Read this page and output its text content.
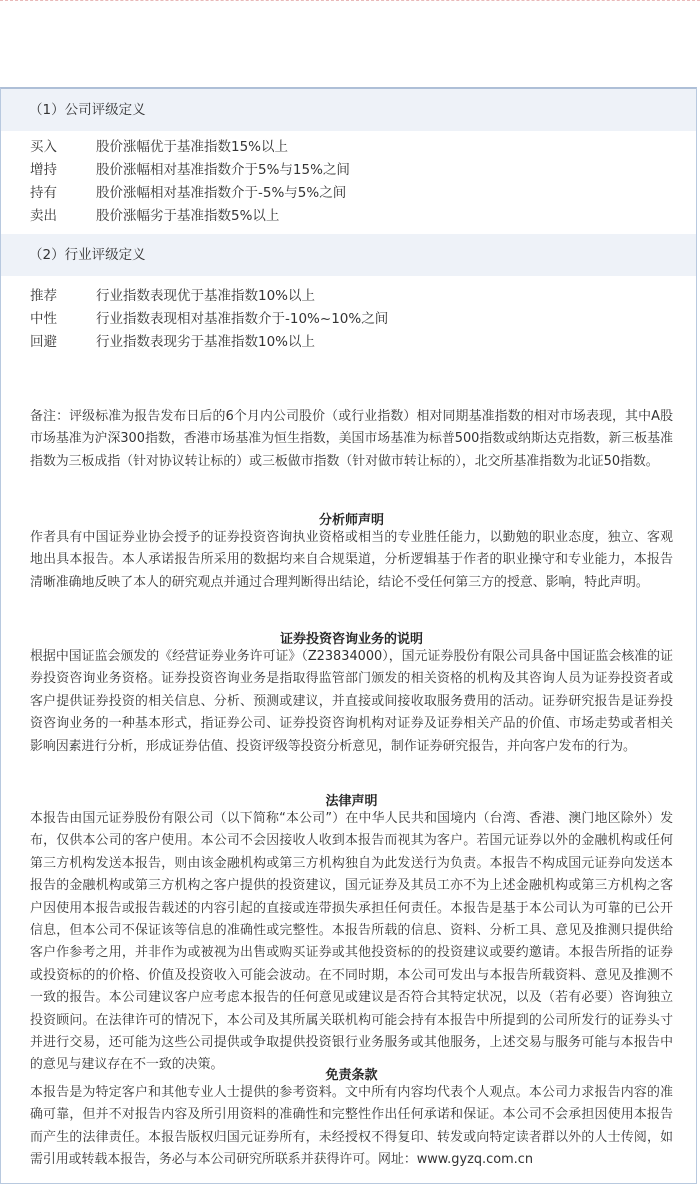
（1）公司评级定义
买入	股价涨幅优于基准指数15%以上
增持	股价涨幅相对基准指数介于5%与15%之间
持有	股价涨幅相对基准指数介于-5%与5%之间
卖出	股价涨幅劣于基准指数5%以上
（2）行业评级定义
推荐	行业指数表现优于基准指数10%以上
中性	行业指数表现相对基准指数介于-10%~10%之间
回避	行业指数表现劣于基准指数10%以上
备注：评级标准为报告发布日后的6个月内公司股价（或行业指数）相对同期基准指数的相对市场表现，其中A股市场基准为沪深300指数，香港市场基准为恒生指数，美国市场基准为标普500指数或纳斯达克指数，新三板基准指数为三板成指（针对协议转让标的）或三板做市指数（针对做市转让标的），北交所基准指数为北证50指数。
分析师声明
作者具有中国证券业协会授予的证券投资咨询执业资格或相当的专业胜任能力，以勤勉的职业态度，独立、客观地出具本报告。本人承诺报告所采用的数据均来自合规渠道，分析逻辑基于作者的职业操守和专业能力，本报告清晰准确地反映了本人的研究观点并通过合理判断得出结论，结论不受任何第三方的授意、影响，特此声明。
证券投资咨询业务的说明
根据中国证监会颁发的《经营证券业务许可证》（Z23834000），国元证券股份有限公司具备中国证监会核准的证券投资咨询业务资格。证券投资咨询业务是指取得监管部门颁发的相关资格的机构及其咨询人员为证券投资者或客户提供证券投资的相关信息、分析、预测或建议，并直接或间接收取服务费用的活动。证券研究报告是证券投资咨询业务的一种基本形式，指证券公司、证券投资咨询机构对证券及证券相关产品的价值、市场走势或者相关影响因素进行分析，形成证券估值、投资评级等投资分析意见，制作证券研究报告，并向客户发布的行为。
法律声明
本报告由国元证券股份有限公司（以下简称“本公司”）在中华人民共和国境内（台湾、香港、澳门地区除外）发布，仅供本公司的客户使用。本公司不会因接收人收到本报告而视其为客户。若国元证券以外的金融机构或任何第三方机构发送本报告，则由该金融机构或第三方机构独自为此发送行为负责。本报告不构成国元证券向发送本报告的金融机构或第三方机构之客户提供的投资建议，国元证券及其员工亦不为上述金融机构或第三方机构之客户因使用本报告或报告载述的内容引起的直接或连带损失承担任何责任。本报告是基于本公司认为可靠的已公开信息，但本公司不保证该等信息的准确性或完整性。本报告所载的信息、资料、分析工具、意见及推测只提供给客户作参考之用，并非作为或被视为出售或购买证券或其他投资标的的投资建议或要约邀请。本报告所指的证券或投资标的的价格、价值及投资收入可能会波动。在不同时期，本公司可发出与本报告所载资料、意见及推测不一致的报告。本公司建议客户应考虑本报告的任何意见或建议是否符合其特定状况，以及（若有必要）咨询独立投资顾问。在法律许可的情况下，本公司及其所属关联机构可能会持有本报告中所提到的公司所发行的证券头寸并进行交易，还可能为这些公司提供或争取提供投资银行业务服务或其他服务，上述交易与服务可能与本报告中的意见与建议存在不一致的决策。
免责条款
本报告是为特定客户和其他专业人士提供的参考资料。文中所有内容均代表个人观点。本公司力求报告内容的准确可靠，但并不对报告内容及所引用资料的准确性和完整性作出任何承诺和保证。本公司不会承担因使用本报告而产生的法律责任。本报告版权归国元证券所有，未经授权不得复印、转发或向特定读者群以外的人士传阅，如需引用或转载本报告，务必与本公司研究所联系并获得许可。网址：www.gyzq.com.cn
